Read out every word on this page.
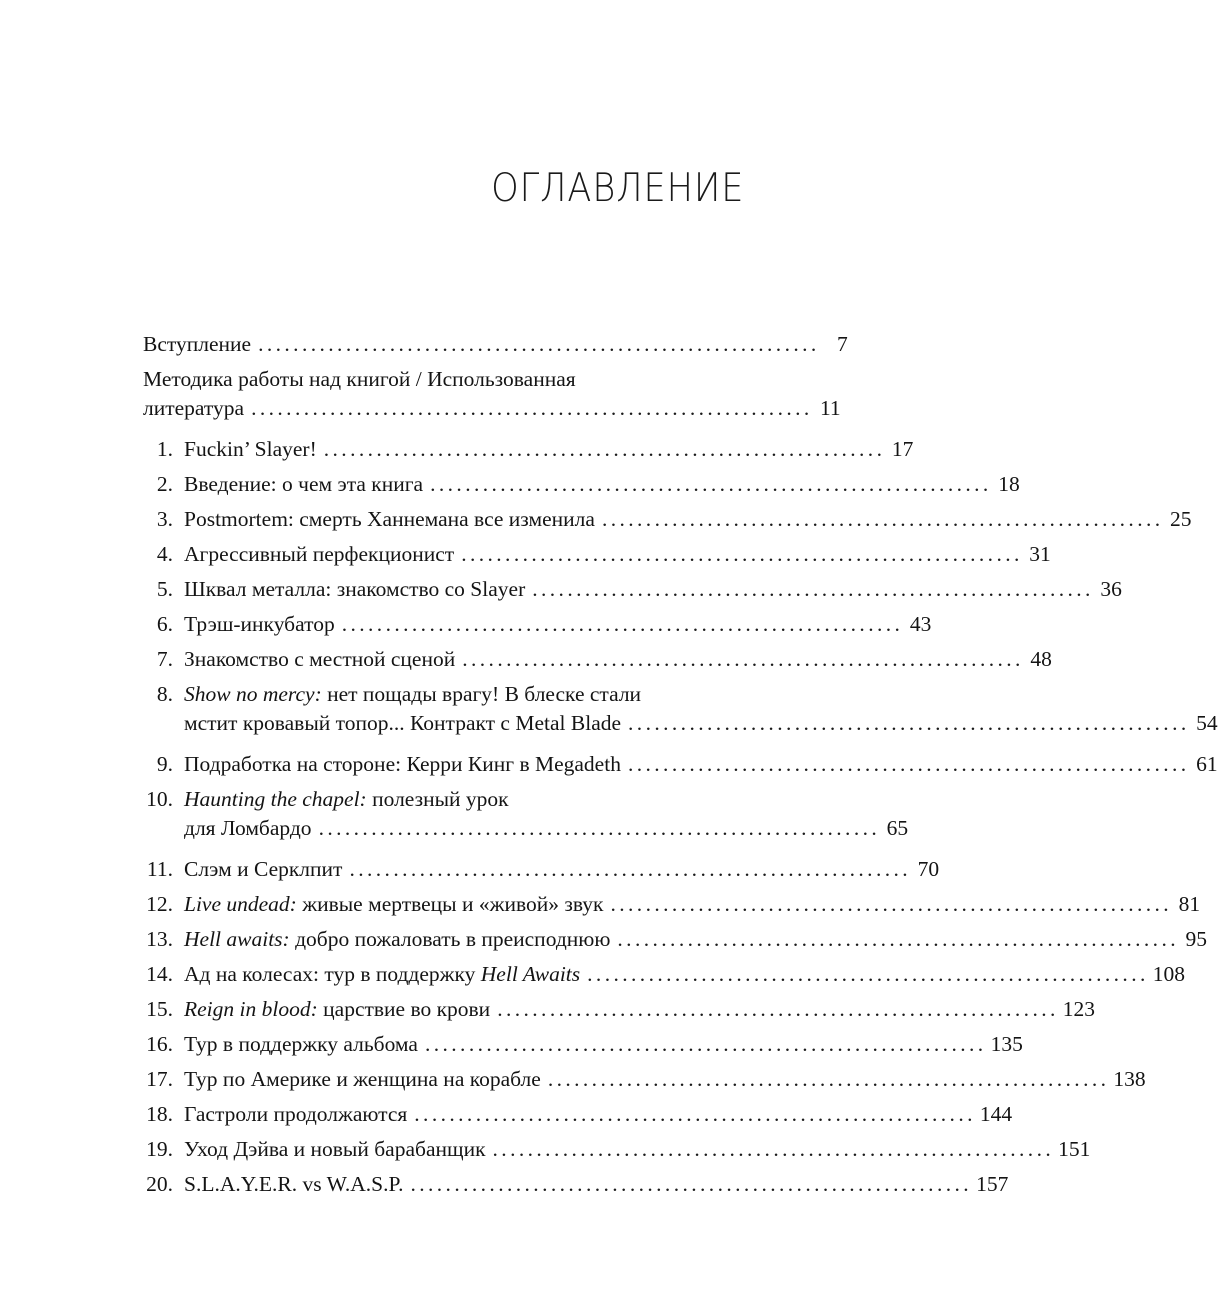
ОГЛАВЛЕНИЕ
Вступление ................................................................ 7
Методика работы над книгой / Использованная
литература ................................................................ 11
1. Fuckin’ Slayer! ................................................................ 17
2. Введение: о чем эта книга ................................................................ 18
3. Postmortem: смерть Ханнемана все изменила ................................................................ 25
4. Агрессивный перфекционист ................................................................ 31
5. Шквал металла: знакомство со Slayer ................................................................ 36
6. Трэш-инкубатор ................................................................ 43
7. Знакомство с местной сценой ................................................................ 48
8. Show no mercy: нет пощады врагу! В блеске стали
мстит кровавый топор... Контракт с Metal Blade ................................................................ 54
9. Подработка на стороне: Керри Кинг в Megadeth ................................................................ 61
10. Haunting the chapel: полезный урок
для Ломбардо ................................................................ 65
11. Слэм и Серклпит ................................................................ 70
12. Live undead: живые мертвецы и «живой» звук ................................................................ 81
13. Hell awaits: добро пожаловать в преисподнюю ................................................................ 95
14. Ад на колесах: тур в поддержку Hell Awaits ................................................................ 108
15. Reign in blood: царствие во крови ................................................................ 123
16. Тур в поддержку альбома ................................................................ 135
17. Тур по Америке и женщина на корабле ................................................................ 138
18. Гастроли продолжаются ................................................................ 144
19. Уход Дэйва и новый барабанщик ................................................................ 151
20. S.L.A.Y.E.R. vs W.A.S.P. ................................................................ 157
